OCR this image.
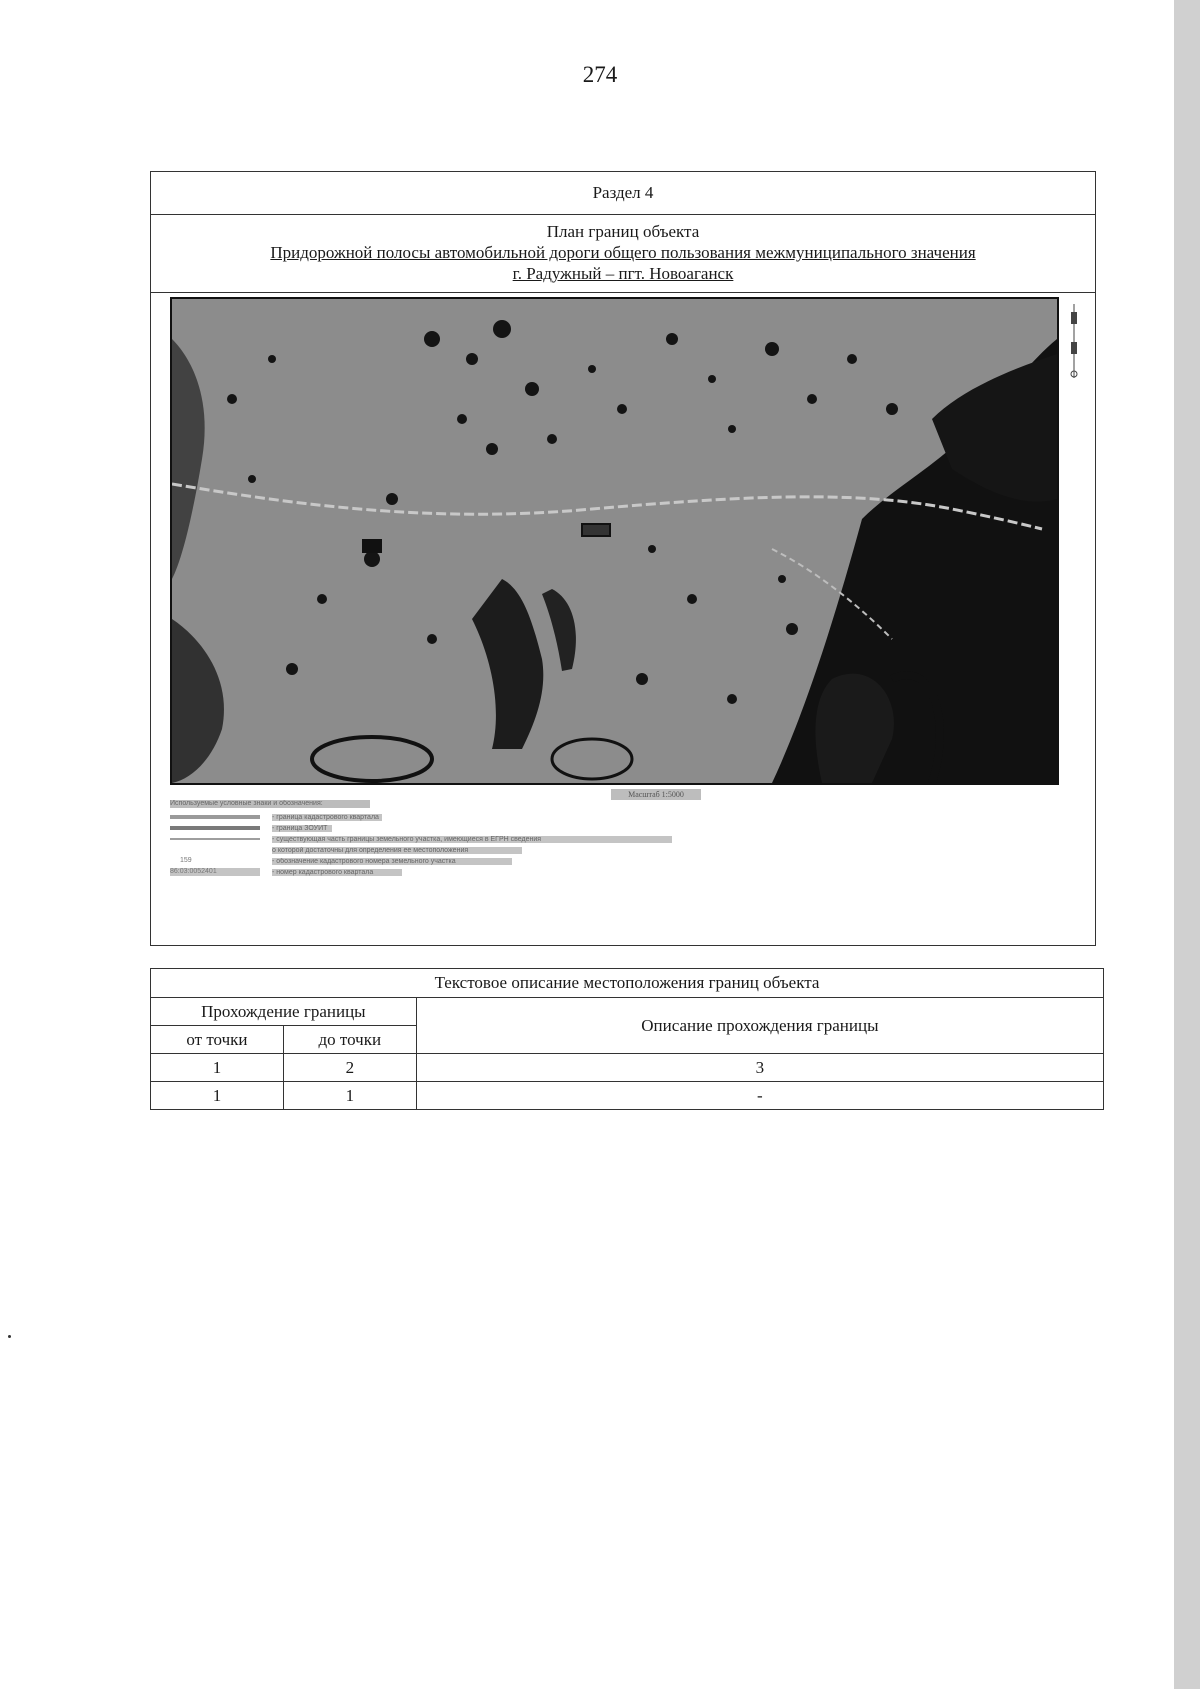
274
Раздел 4
План границ объекта
Придорожной полосы автомобильной дороги общего пользования межмуниципального значения
г. Радужный – пгт. Новоаганск
Масштаб 1:5000
Используемые условные знаки и обозначения:
- граница кадастрового квартала
- граница ЗОУИТ
- существующая часть границы земельного участка, имеющиеся в ЕГРН сведения
о которой достаточны для определения ее местоположения
159	- обозначение кадастрового номера земельного участка
86:03:0052401	- номер кадастрового квартала
Текстовое описание местоположения границ объекта		
Прохождение границы		Описание прохождения границы
от точки	до точки	
1	2	3
1	1	-
